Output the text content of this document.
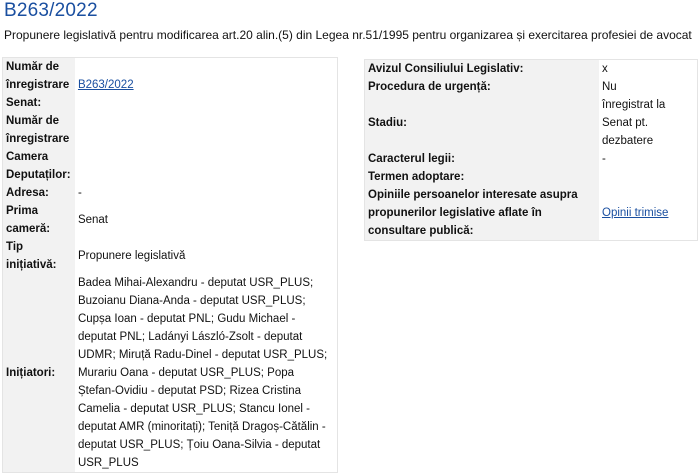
B263/2022

Propunere legislativă pentru modificarea art.20 alin.(5) din Legea nr.51/1995 pentru organizarea și exercitarea profesiei de avocat

Număr de înregistrare Senat:	B263/2022
Număr de înregistrare Camera Deputaților:	
Adresa:	-
Prima cameră:	Senat
Tip inițiativă:	Propunere legislativă
Inițiatori:	Badea Mihai-Alexandru - deputat USR_PLUS; Buzoianu Diana-Anda - deputat USR_PLUS; Cupșa Ioan - deputat PNL; Gudu Michael - deputat PNL; Ladányi László-Zsolt - deputat UDMR; Miruță Radu-Dinel - deputat USR_PLUS; Murariu Oana - deputat USR_PLUS; Popa Ștefan-Ovidiu - deputat PSD; Rizea Cristina Camelia - deputat USR_PLUS; Stancu Ionel - deputat AMR (minoritați); Teniță Dragoș-Cătălin - deputat USR_PLUS; Țoiu Oana-Silvia - deputat USR_PLUS
Avizul Consiliului Legislativ:	x
Procedura de urgență:	Nu
Stadiu:	înregistrat la Senat pt. dezbatere
Caracterul legii:	-
Termen adoptare:	
Opiniile persoanelor interesate asupra propunerilor legislative aflate în consultare publică:	Opinii trimise
